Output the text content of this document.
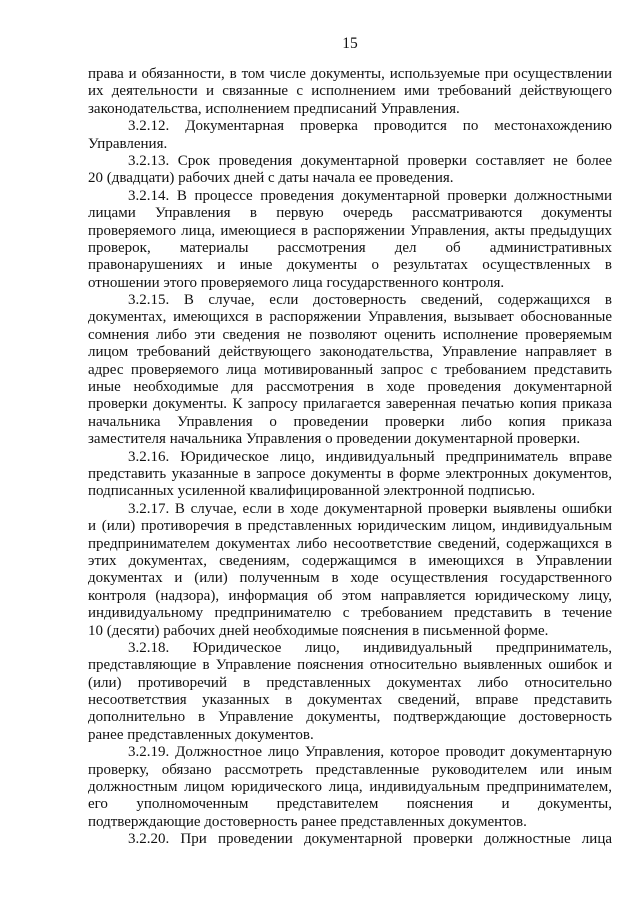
15
права и обязанности, в том числе документы, используемые при осуществлении
их деятельности и связанные с исполнением ими требований действующего
законодательства, исполнением предписаний Управления.
3.2.12. Документарная проверка проводится по местонахождению
Управления.
3.2.13. Срок проведения документарной проверки составляет не более
20 (двадцати) рабочих дней с даты начала ее проведения.
3.2.14. В процессе проведения документарной проверки должностными
лицами Управления в первую очередь рассматриваются документы
проверяемого лица, имеющиеся в распоряжении Управления, акты предыдущих
проверок, материалы рассмотрения дел об административных
правонарушениях и иные документы о результатах осуществленных в
отношении этого проверяемого лица государственного контроля.
3.2.15. В случае, если достоверность сведений, содержащихся в
документах, имеющихся в распоряжении Управления, вызывает обоснованные
сомнения либо эти сведения не позволяют оценить исполнение проверяемым
лицом требований действующего законодательства, Управление направляет в
адрес проверяемого лица мотивированный запрос с требованием представить
иные необходимые для рассмотрения в ходе проведения документарной
проверки документы. К запросу прилагается заверенная печатью копия приказа
начальника Управления о проведении проверки либо копия приказа
заместителя начальника Управления о проведении документарной проверки.
3.2.16. Юридическое лицо, индивидуальный предприниматель вправе
представить указанные в запросе документы в форме электронных документов,
подписанных усиленной квалифицированной электронной подписью.
3.2.17. В случае, если в ходе документарной проверки выявлены ошибки
и (или) противоречия в представленных юридическим лицом, индивидуальным
предпринимателем документах либо несоответствие сведений, содержащихся в
этих документах, сведениям, содержащимся в имеющихся в Управлении
документах и (или) полученным в ходе осуществления государственного
контроля (надзора), информация об этом направляется юридическому лицу,
индивидуальному предпринимателю с требованием представить в течение
10 (десяти) рабочих дней необходимые пояснения в письменной форме.
3.2.18. Юридическое лицо, индивидуальный предприниматель,
представляющие в Управление пояснения относительно выявленных ошибок и
(или) противоречий в представленных документах либо относительно
несоответствия указанных в документах сведений, вправе представить
дополнительно в Управление документы, подтверждающие достоверность
ранее представленных документов.
3.2.19. Должностное лицо Управления, которое проводит документарную
проверку, обязано рассмотреть представленные руководителем или иным
должностным лицом юридического лица, индивидуальным предпринимателем,
его уполномоченным представителем пояснения и документы,
подтверждающие достоверность ранее представленных документов.
3.2.20. При проведении документарной проверки должностные лица
